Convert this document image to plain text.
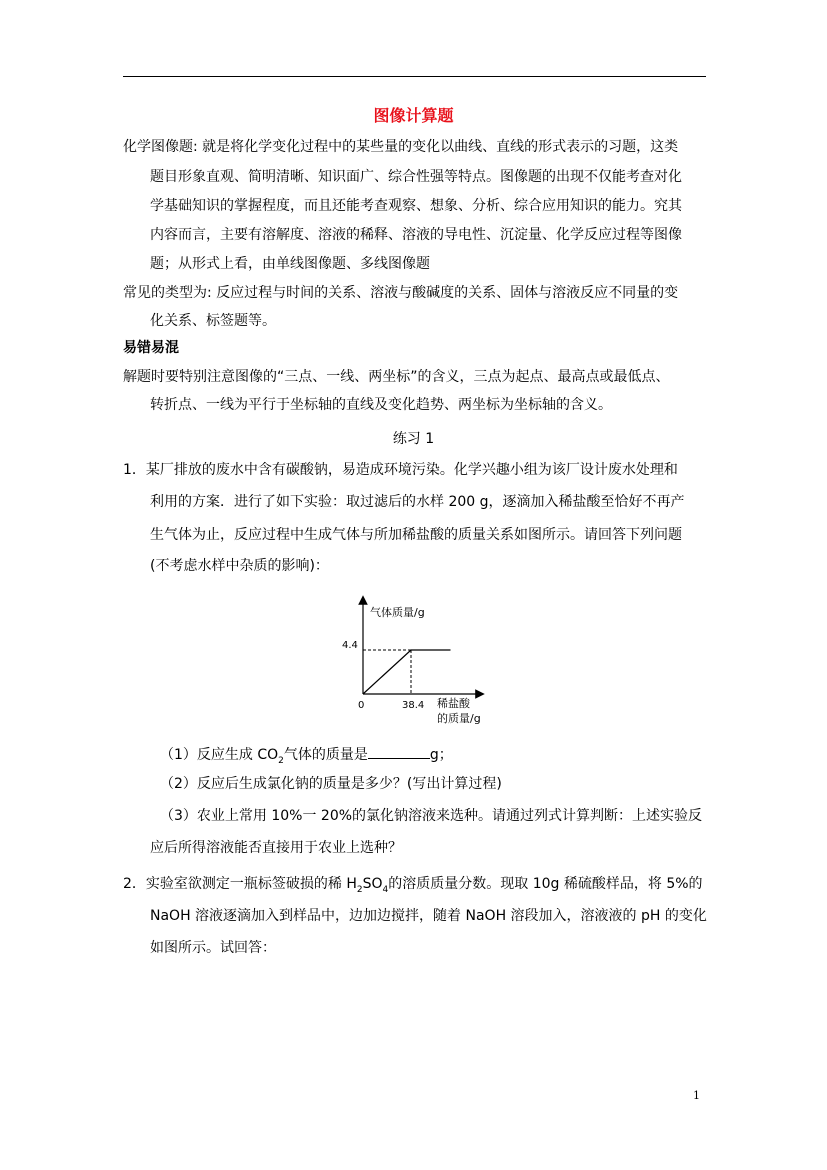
图像计算题
化学图像题: 就是将化学变化过程中的某些量的变化以曲线、直线的形式表示的习题，这类
题目形象直观、简明清晰、知识面广、综合性强等特点。图像题的出现不仅能考查对化
学基础知识的掌握程度，而且还能考查观察、想象、分析、综合应用知识的能力。究其
内容而言，主要有溶解度、溶液的稀释、溶液的导电性、沉淀量、化学反应过程等图像
题；从形式上看，由单线图像题、多线图像题
常见的类型为: 反应过程与时间的关系、溶液与酸碱度的关系、固体与溶液反应不同量的变
化关系、标签题等。
易错易混
解题时要特别注意图像的“三点、一线、两坐标”的含义，三点为起点、最高点或最低点、
转折点、一线为平行于坐标轴的直线及变化趋势、两坐标为坐标轴的含义。
练习 1
1．某厂排放的废水中含有碳酸钠，易造成环境污染。化学兴趣小组为该厂设计废水处理和
利用的方案．进行了如下实验：取过滤后的水样 200 g，逐滴加入稀盐酸至恰好不再产
生气体为止，反应过程中生成气体与所加稀盐酸的质量关系如图所示。请回答下列问题
(不考虑水样中杂质的影响)：
气体质量/g
稀盐酸
的质量/g
0	38.4
4.4
（1）反应生成 $CO_2$气体的质量是	g；
（2）反应后生成氯化钠的质量是多少？(写出计算过程)
（3）农业上常用 10%一 20%的氯化钠溶液来选种。请通过列式计算判断：上述实验反
应后所得溶液能否直接用于农业上选种？
2．实验室欲测定一瓶标签破损的稀 $H_2SO_4$的溶质质量分数。现取 10g 稀硫酸样品，将 5%的
NaOH 溶液逐滴加入到样品中，边加边搅拌，随着 NaOH 溶段加入，溶液液的 pH 的变化
如图所示。试回答：
1
